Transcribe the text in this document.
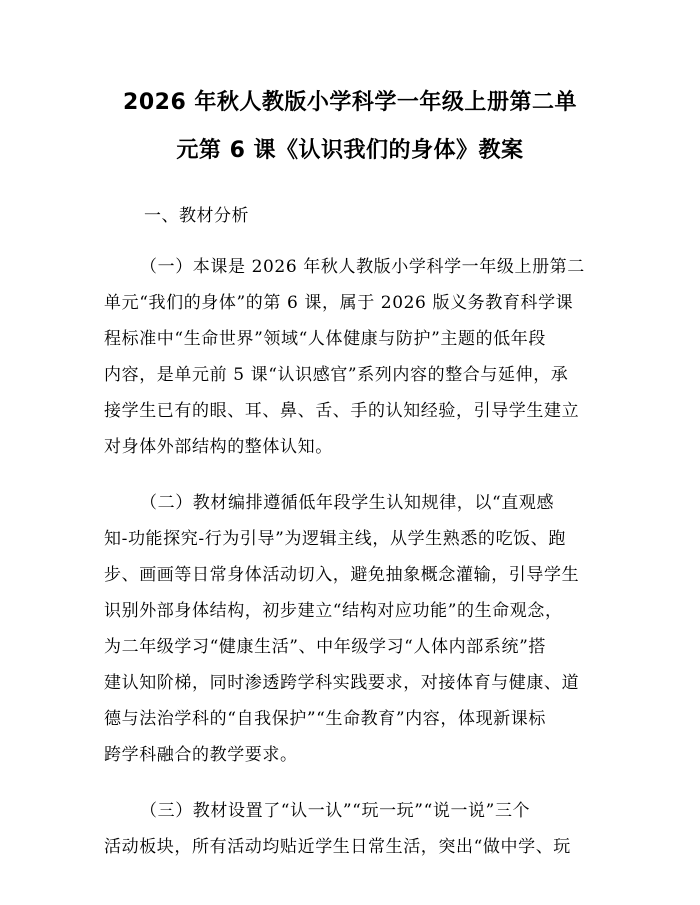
2026 年秋人教版小学科学一年级上册第二单
元第 6 课《认识我们的身体》教案
一、教材分析
（一）本课是 2026 年秋人教版小学科学一年级上册第二
单元“我们的身体”的第 6 课，属于 2026 版义务教育科学课
程标准中“生命世界”领域“人体健康与防护”主题的低年段
内容，是单元前 5 课“认识感官”系列内容的整合与延伸，承
接学生已有的眼、耳、鼻、舌、手的认知经验，引导学生建立
对身体外部结构的整体认知。
（二）教材编排遵循低年段学生认知规律，以“直观感
知-功能探究-行为引导”为逻辑主线，从学生熟悉的吃饭、跑
步、画画等日常身体活动切入，避免抽象概念灌输，引导学生
识别外部身体结构，初步建立“结构对应功能”的生命观念，
为二年级学习“健康生活”、中年级学习“人体内部系统”搭
建认知阶梯，同时渗透跨学科实践要求，对接体育与健康、道
德与法治学科的“自我保护”“生命教育”内容，体现新课标
跨学科融合的教学要求。
（三）教材设置了“认一认”“玩一玩”“说一说”三个
活动板块，所有活动均贴近学生日常生活，突出“做中学、玩
